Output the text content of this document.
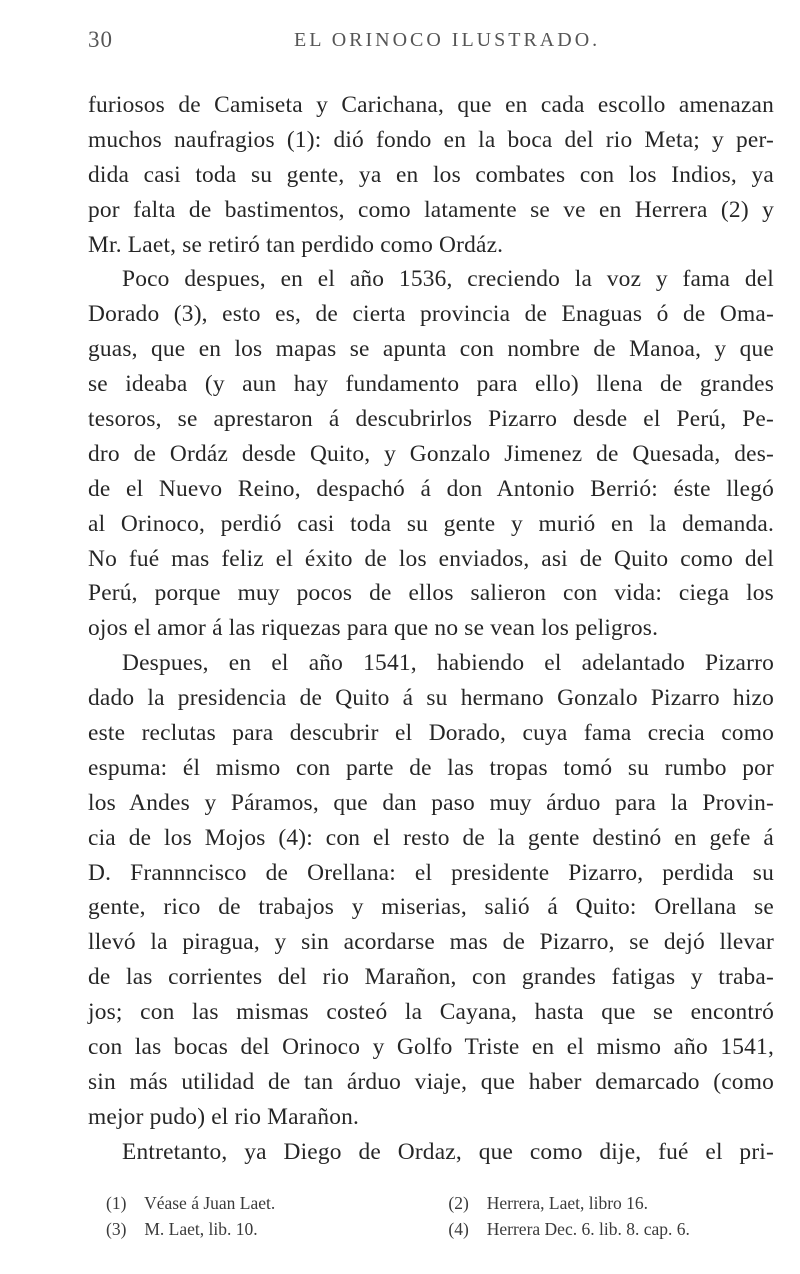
30	EL ORINOCO ILUSTRADO.
furiosos de Camiseta y Carichana, que en cada escollo amenazan
muchos naufragios (1): dió fondo en la boca del rio Meta; y per-
dida casi toda su gente, ya en los combates con los Indios, ya
por falta de bastimentos, como latamente se ve en Herrera (2) y
Mr. Laet, se retiró tan perdido como Ordáz.
Poco despues, en el año 1536, creciendo la voz y fama del
Dorado (3), esto es, de cierta provincia de Enaguas ó de Oma-
guas, que en los mapas se apunta con nombre de Manoa, y que
se ideaba (y aun hay fundamento para ello) llena de grandes
tesoros, se aprestaron á descubrirlos Pizarro desde el Perú, Pe-
dro de Ordáz desde Quito, y Gonzalo Jimenez de Quesada, des-
de el Nuevo Reino, despachó á don Antonio Berrió: éste llegó
al Orinoco, perdió casi toda su gente y murió en la demanda.
No fué mas feliz el éxito de los enviados, asi de Quito como del
Perú, porque muy pocos de ellos salieron con vida: ciega los
ojos el amor á las riquezas para que no se vean los peligros.
Despues, en el año 1541, habiendo el adelantado Pizarro
dado la presidencia de Quito á su hermano Gonzalo Pizarro hizo
este reclutas para descubrir el Dorado, cuya fama crecia como
espuma: él mismo con parte de las tropas tomó su rumbo por
los Andes y Páramos, que dan paso muy árduo para la Provin-
cia de los Mojos (4): con el resto de la gente destinó en gefe á
D. Frannncisco de Orellana: el presidente Pizarro, perdida su
gente, rico de trabajos y miserias, salió á Quito: Orellana se
llevó la piragua, y sin acordarse mas de Pizarro, se dejó llevar
de las corrientes del rio Marañon, con grandes fatigas y traba-
jos; con las mismas costeó la Cayana, hasta que se encontró
con las bocas del Orinoco y Golfo Triste en el mismo año 1541,
sin más utilidad de tan árduo viaje, que haber demarcado (como
mejor pudo) el rio Marañon.
Entretanto, ya Diego de Ordaz, que como dije, fué el pri-
(1) Véase á Juan Laet.	(2) Herrera, Laet, libro 16.
(3) M. Laet, lib. 10.	(4) Herrera Dec. 6. lib. 8. cap. 6.
